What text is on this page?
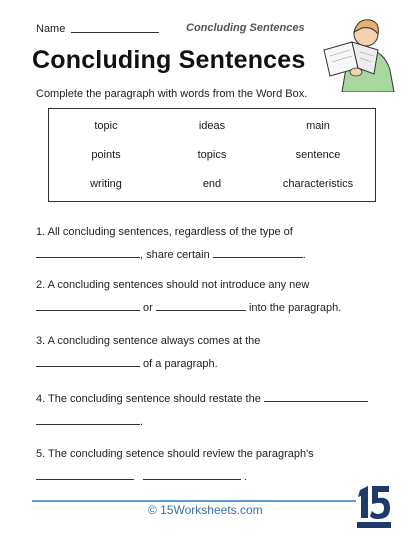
Name	Concluding Sentences
Concluding Sentences
Complete the paragraph with words from the Word Box.
topic	ideas	main
points	topics	sentence
writing	end	characteristics
1. All concluding sentences, regardless of the type of
, share certain	.
2. A concluding sentences should not introduce any new
or	into the paragraph.
3. A concluding sentence always comes at the
of a paragraph.
4. The concluding sentence should restate the
.
5. The concluding setence should review the paragraph's
.
© 15Worksheets.com
